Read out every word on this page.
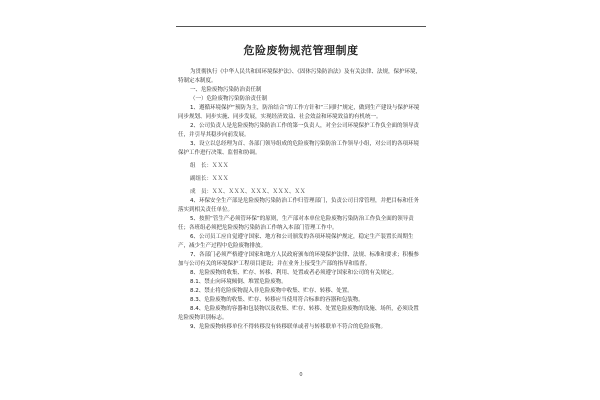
危险废物规范管理制度

为贯彻执行《中华人民共和国环境保护法》、《固体污染防治法》及有关法律、法规，保护环境，特制定本制度。

一、危险废物污染防治责任制

（一）危险废物污染防治责任制

1、遵循环境保护“预防为主，防治结合”的工作方针和“三同时”规定，做到生产建设与保护环境同步规划、同步实施、同步发展，实现经济效益、社会效益和环境效益的有机统一。

2、公司负责人是危险废物污染防治工作的第一负责人，对全公司环境保护工作负全面的领导责任，并引导其稳步向前发展。

3、设立以总经理为首、各部门领导组成的危险废物污染防治工作领导小组，对公司的各项环境保护工作进行决策、监督和协调。

组　长：ＸＸＸ

副组长：ＸＸＸ

成　员：ＸＸ、ＸＸＸ、ＸＸＸ、ＸＸＸ、ＸＸ

4、环保安全生产部是危险废物污染防治工作归管理部门，负责公司日常管理，并把目标和任务落实到相关责任单位。

5、按照“管生产必须管环保”的原则，生产部对本单位危险废物污染防治工作负全面的领导责任；各班组必须把危险废物污染防治工作纳入本部门管理工作中。

6、公司员工应自觉遵守国家、地方和公司颁发的各项环境保护规定，稳定生产装置长周期生产，减少生产过程中危险废物排放。

7、各部门必须严格遵守国家和地方人民政府颁布的环境保护法律、法规、标准和要求；积极参加与公司有关的环境保护工程项目建设；并在业务上接受生产部的指导和监督。

8、危险废物的收集、贮存、转移、利用、处置或者必须遵守国家和公司的有关规定。

8.1、禁止向环境倾倒、堆置危险废物。

8.2、禁止将危险废物混入非危险废物中收集、贮存、转移、处置。

8.3、危险废物的收集、贮存、转移应当使用符合标准的容器和包装物。

8.4、危险废物的容器和包装物以及收集、贮存、转移、处置危险废物的设施、场所，必须设置危险废物识别标志。

9、危险废物转移单位不得转移没有转移联单或者与转移联单不符合的危险废物。

0
